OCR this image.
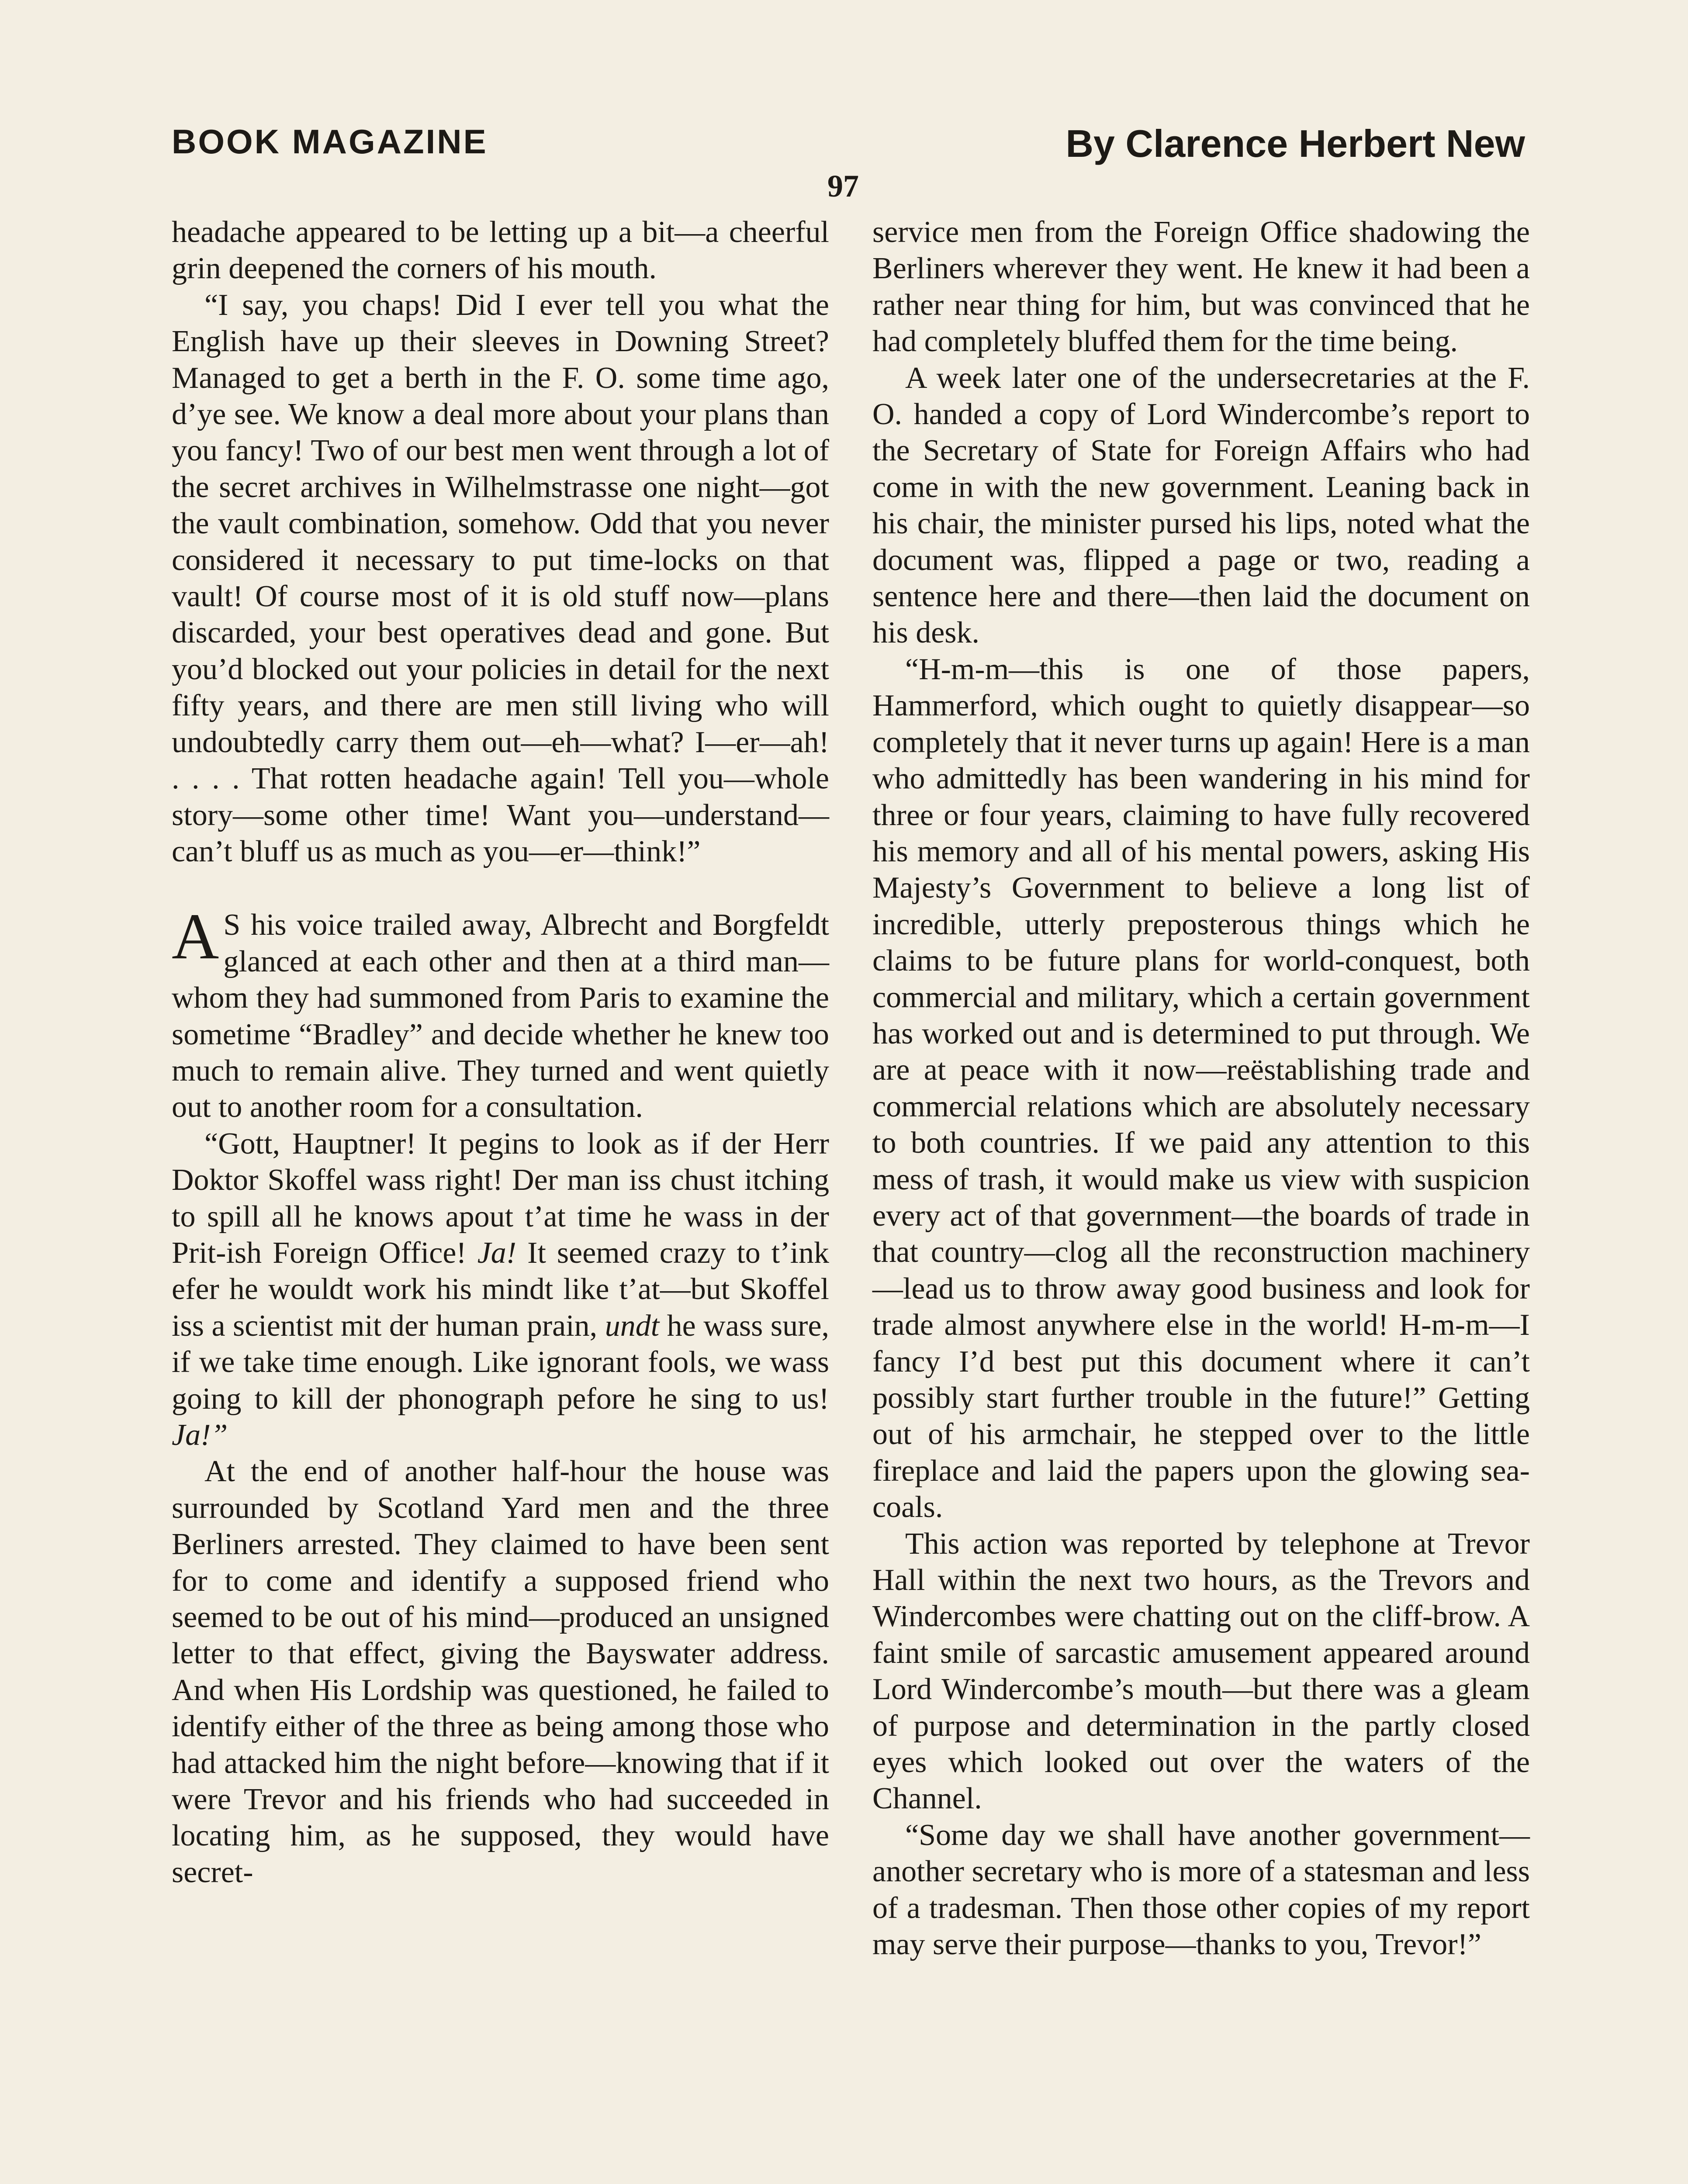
BOOK MAGAZINE	By Clarence Herbert New
97

headache appeared to be letting up a bit—a cheerful grin deepened the corners of his mouth.

“I say, you chaps! Did I ever tell you what the English have up their sleeves in Downing Street? Managed to get a berth in the F. O. some time ago, d’ye see. We know a deal more about your plans than you fancy! Two of our best men went through a lot of the secret archives in Wilhelmstrasse one night—got the vault combination, somehow. Odd that you never considered it necessary to put time-locks on that vault! Of course most of it is old stuff now—plans discarded, your best operatives dead and gone. But you’d blocked out your policies in detail for the next fifty years, and there are men still living who will undoubtedly carry them out—eh—what? I—er—ah! . . . . That rotten headache again! Tell you—whole story—some other time! Want you—understand—can’t bluff us as much as you—er—think!”

A S his voice trailed away, Albrecht and Borgfeldt glanced at each other and then at a third man—whom they had summoned from Paris to examine the sometime “Bradley” and decide whether he knew too much to remain alive. They turned and went quietly out to another room for a consultation.

“Gott, Hauptner! It pegins to look as if der Herr Doktor Skoffel wass right! Der man iss chust itching to spill all he knows apout t’at time he wass in der Prit-ish Foreign Office! Ja! It seemed crazy to t’ink efer he wouldt work his mindt like t’at—but Skoffel iss a scientist mit der human prain, undt he wass sure, if we take time enough. Like ignorant fools, we wass going to kill der phonograph pefore he sing to us! Ja!”

At the end of another half-hour the house was surrounded by Scotland Yard men and the three Berliners arrested. They claimed to have been sent for to come and identify a supposed friend who seemed to be out of his mind—produced an unsigned letter to that effect, giving the Bayswater address. And when His Lordship was questioned, he failed to identify either of the three as being among those who had attacked him the night before—knowing that if it were Trevor and his friends who had succeeded in locating him, as he supposed, they would have secret-

service men from the Foreign Office shadowing the Berliners wherever they went. He knew it had been a rather near thing for him, but was convinced that he had completely bluffed them for the time being.

A week later one of the undersecretaries at the F. O. handed a copy of Lord Windercombe’s report to the Secretary of State for Foreign Affairs who had come in with the new government. Leaning back in his chair, the minister pursed his lips, noted what the document was, flipped a page or two, reading a sentence here and there—then laid the document on his desk.

“H-m-m—this is one of those papers, Hammerford, which ought to quietly disappear—so completely that it never turns up again! Here is a man who admittedly has been wandering in his mind for three or four years, claiming to have fully recovered his memory and all of his mental powers, asking His Majesty’s Government to believe a long list of incredible, utterly preposterous things which he claims to be future plans for world-conquest, both commercial and military, which a certain government has worked out and is determined to put through. We are at peace with it now—reëstablishing trade and commercial relations which are absolutely necessary to both countries. If we paid any attention to this mess of trash, it would make us view with suspicion every act of that government—the boards of trade in that country—clog all the reconstruction machinery—lead us to throw away good business and look for trade almost anywhere else in the world! H-m-m—I fancy I’d best put this document where it can’t possibly start further trouble in the future!” Getting out of his armchair, he stepped over to the little fireplace and laid the papers upon the glowing sea-coals.

This action was reported by telephone at Trevor Hall within the next two hours, as the Trevors and Windercombes were chatting out on the cliff-brow. A faint smile of sarcastic amusement appeared around Lord Windercombe’s mouth—but there was a gleam of purpose and determination in the partly closed eyes which looked out over the waters of the Channel.

“Some day we shall have another government—another secretary who is more of a statesman and less of a tradesman. Then those other copies of my report may serve their purpose—thanks to you, Trevor!”
